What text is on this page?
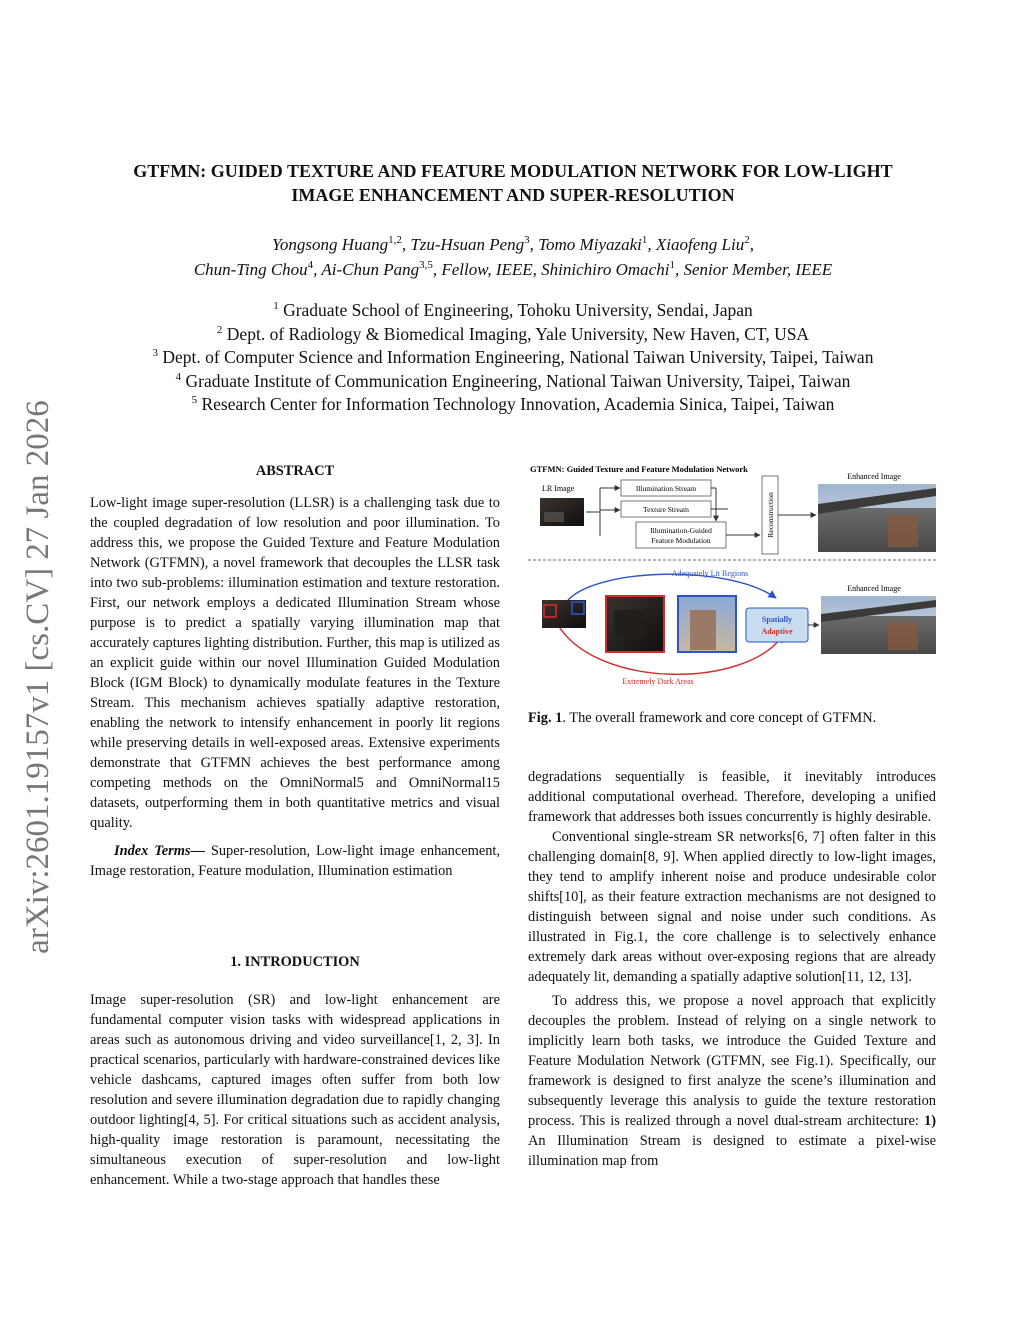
arXiv:2601.19157v1 [cs.CV] 27 Jan 2026
GTFMN: GUIDED TEXTURE AND FEATURE MODULATION NETWORK FOR LOW-LIGHT
IMAGE ENHANCEMENT AND SUPER-RESOLUTION
Yongsong Huang$^{1,2}$, Tzu-Hsuan Peng$^3$, Tomo Miyazaki$^1$, Xiaofeng Liu$^2$,
Chun-Ting Chou$^4$, Ai-Chun Pang$^{3,5}$, Fellow, IEEE, Shinichiro Omachi$^1$, Senior Member, IEEE
$^1$ Graduate School of Engineering, Tohoku University, Sendai, Japan
$^2$ Dept. of Radiology & Biomedical Imaging, Yale University, New Haven, CT, USA
$^3$ Dept. of Computer Science and Information Engineering, National Taiwan University, Taipei, Taiwan
$^4$ Graduate Institute of Communication Engineering, National Taiwan University, Taipei, Taiwan
$^5$ Research Center for Information Technology Innovation, Academia Sinica, Taipei, Taiwan

ABSTRACT

Low-light image super-resolution (LLSR) is a challenging task due to the coupled degradation of low resolution and poor illumination. To address this, we propose the Guided Texture and Feature Modulation Network (GTFMN), a novel framework that decouples the LLSR task into two sub-problems: illumination estimation and texture restoration. First, our network employs a dedicated Illumination Stream whose purpose is to predict a spatially varying illumination map that accurately captures lighting distribution. Further, this map is utilized as an explicit guide within our novel Illumination Guided Modulation Block (IGM Block) to dynamically modulate features in the Texture Stream. This mechanism achieves spatially adaptive restoration, enabling the network to intensify enhancement in poorly lit regions while preserving details in well-exposed areas. Extensive experiments demonstrate that GTFMN achieves the best performance among competing methods on the OmniNormal5 and OmniNormal15 datasets, outperforming them in both quantitative metrics and visual quality.

Index Terms— Super-resolution, Low-light image enhancement, Image restoration, Feature modulation, Illumination estimation

1. INTRODUCTION

Image super-resolution (SR) and low-light enhancement are fundamental computer vision tasks with widespread applications in areas such as autonomous driving and video surveillance[1, 2, 3]. In practical scenarios, particularly with hardware-constrained devices like vehicle dashcams, captured images often suffer from both low resolution and severe illumination degradation due to rapidly changing outdoor lighting[4, 5]. For critical situations such as accident analysis, high-quality image restoration is paramount, necessitating the simultaneous execution of super-resolution and low-light enhancement. While a two-stage approach that handles these

GTFMN: Guided Texture and Feature Modulation Network
LR Image	Illumination Stream
Texture Stream
Illumination-Guided
Feature Modulation
Reconstruction
Enhanced Image
Adequately Lit Regions
Spatially
Adaptive
Enhanced Image
Extremely Dark Areas

Fig. 1. The overall framework and core concept of GTFMN.

degradations sequentially is feasible, it inevitably introduces additional computational overhead. Therefore, developing a unified framework that addresses both issues concurrently is highly desirable.

Conventional single-stream SR networks[6, 7] often falter in this challenging domain[8, 9]. When applied directly to low-light images, they tend to amplify inherent noise and produce undesirable color shifts[10], as their feature extraction mechanisms are not designed to distinguish between signal and noise under such conditions. As illustrated in Fig.1, the core challenge is to selectively enhance extremely dark areas without over-exposing regions that are already adequately lit, demanding a spatially adaptive solution[11, 12, 13].

To address this, we propose a novel approach that explicitly decouples the problem. Instead of relying on a single network to implicitly learn both tasks, we introduce the Guided Texture and Feature Modulation Network (GTFMN, see Fig.1). Specifically, our framework is designed to first analyze the scene’s illumination and subsequently leverage this analysis to guide the texture restoration process. This is realized through a novel dual-stream architecture: 1) An Illumination Stream is designed to estimate a pixel-wise illumination map from
